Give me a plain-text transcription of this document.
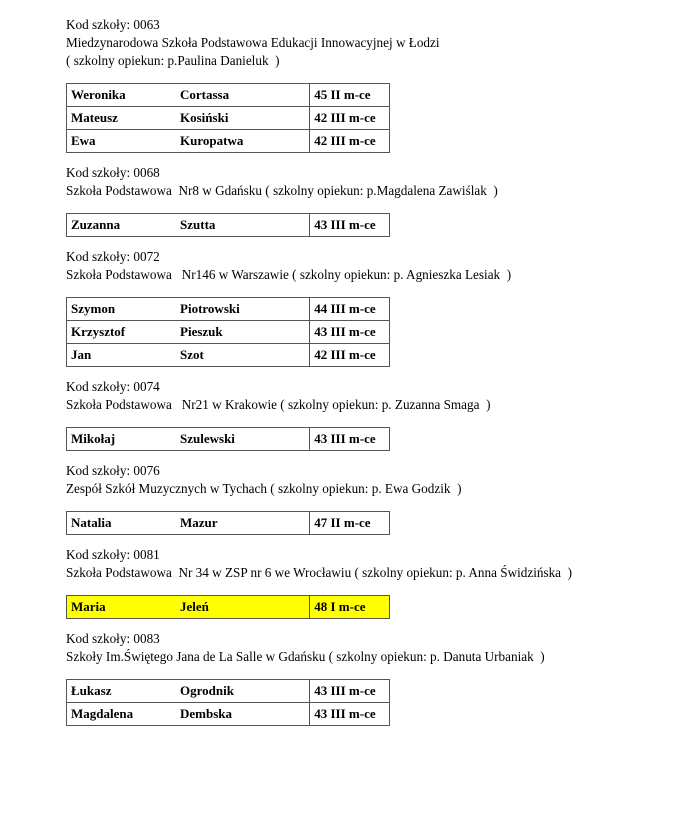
Kod szkoły: 0063

Miedzynarodowa Szkoła Podstawowa Edukacji Innowacyjnej w Łodzi

( szkolny opiekun: p.Paulina Danieluk  )

Weronika	Cortassa	45 II m-ce
Mateusz	Kosiński	42 III m-ce
Ewa	Kuropatwa	42 III m-ce

Kod szkoły: 0068

Szkoła Podstawowa  Nr8 w Gdańsku ( szkolny opiekun: p.Magdalena Zawiślak  )

Zuzanna	Szutta	43 III m-ce

Kod szkoły: 0072

Szkoła Podstawowa   Nr146 w Warszawie ( szkolny opiekun: p. Agnieszka Lesiak  )

Szymon	Piotrowski	44 III m-ce
Krzysztof	Pieszuk	43 III m-ce
Jan	Szot	42 III m-ce

Kod szkoły: 0074

Szkoła Podstawowa   Nr21 w Krakowie ( szkolny opiekun: p. Zuzanna Smaga  )

Mikołaj	Szulewski	43 III m-ce

Kod szkoły: 0076

Zespół Szkół Muzycznych w Tychach ( szkolny opiekun: p. Ewa Godzik  )

Natalia	Mazur	47 II m-ce

Kod szkoły: 0081

Szkoła Podstawowa  Nr 34 w ZSP nr 6 we Wrocławiu ( szkolny opiekun: p. Anna Świdzińska  )

Maria	Jeleń	48 I m-ce

Kod szkoły: 0083

Szkoły Im.Świętego Jana de La Salle w Gdańsku ( szkolny opiekun: p. Danuta Urbaniak  )

Łukasz	Ogrodnik	43 III m-ce
Magdalena	Dembska	43 III m-ce
